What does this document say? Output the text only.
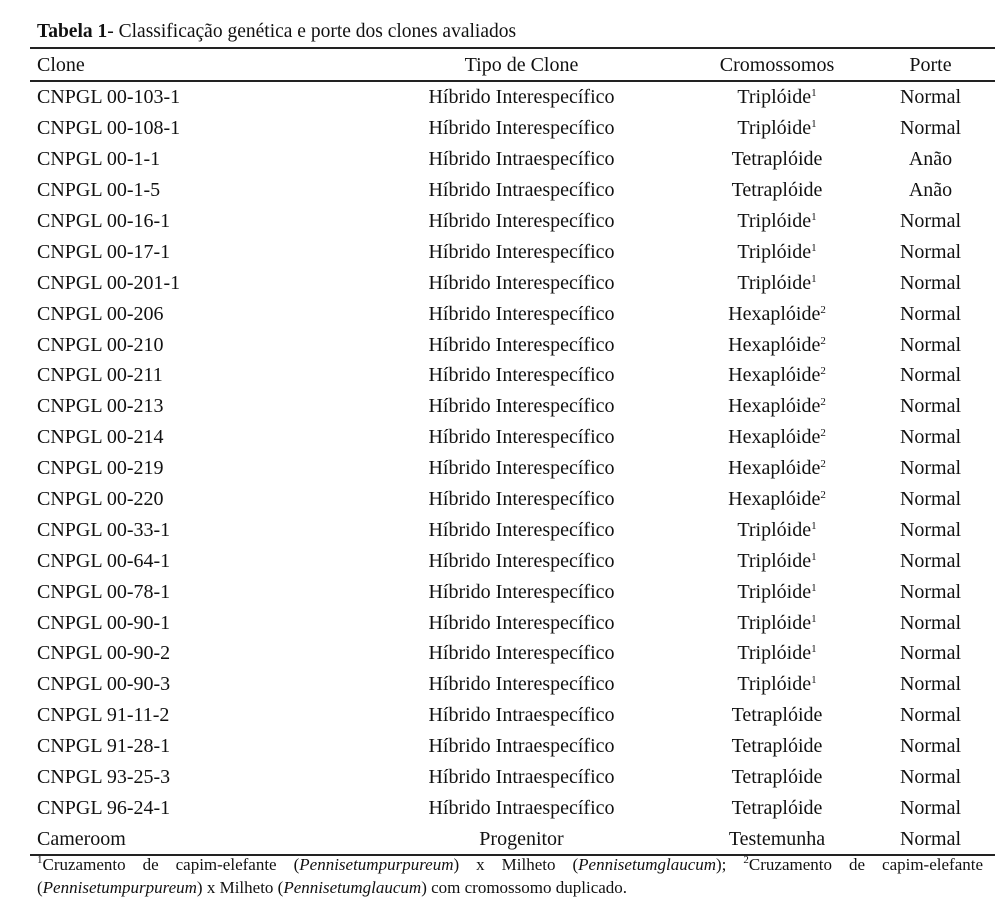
Tabela 1- Classificação genética e porte dos clones avaliados
Clone	Tipo de Clone	Cromossomos	Porte
CNPGL 00-103-1	Híbrido Interespecífico	Triplóide$^1$	Normal
CNPGL 00-108-1	Híbrido Interespecífico	Triplóide$^1$	Normal
CNPGL 00-1-1	Híbrido Intraespecífico	Tetraplóide	Anão
CNPGL 00-1-5	Híbrido Intraespecífico	Tetraplóide	Anão
CNPGL 00-16-1	Híbrido Interespecífico	Triplóide$^1$	Normal
CNPGL 00-17-1	Híbrido Interespecífico	Triplóide$^1$	Normal
CNPGL 00-201-1	Híbrido Interespecífico	Triplóide$^1$	Normal
CNPGL 00-206	Híbrido Interespecífico	Hexaplóide$^2$	Normal
CNPGL 00-210	Híbrido Interespecífico	Hexaplóide$^2$	Normal
CNPGL 00-211	Híbrido Interespecífico	Hexaplóide$^2$	Normal
CNPGL 00-213	Híbrido Interespecífico	Hexaplóide$^2$	Normal
CNPGL 00-214	Híbrido Interespecífico	Hexaplóide$^2$	Normal
CNPGL 00-219	Híbrido Interespecífico	Hexaplóide$^2$	Normal
CNPGL 00-220	Híbrido Interespecífico	Hexaplóide$^2$	Normal
CNPGL 00-33-1	Híbrido Interespecífico	Triplóide$^1$	Normal
CNPGL 00-64-1	Híbrido Interespecífico	Triplóide$^1$	Normal
CNPGL 00-78-1	Híbrido Interespecífico	Triplóide$^1$	Normal
CNPGL 00-90-1	Híbrido Interespecífico	Triplóide$^1$	Normal
CNPGL 00-90-2	Híbrido Interespecífico	Triplóide$^1$	Normal
CNPGL 00-90-3	Híbrido Interespecífico	Triplóide$^1$	Normal
CNPGL 91-11-2	Híbrido Intraespecífico	Tetraplóide	Normal
CNPGL 91-28-1	Híbrido Intraespecífico	Tetraplóide	Normal
CNPGL 93-25-3	Híbrido Intraespecífico	Tetraplóide	Normal
CNPGL 96-24-1	Híbrido Intraespecífico	Tetraplóide	Normal
Cameroom	Progenitor	Testemunha	Normal
$^1$Cruzamento de capim-elefante (Pennisetumpurpureum) x Milheto (Pennisetumglaucum); $^2$Cruzamento de capim-elefante (Pennisetumpurpureum) x Milheto (Pennisetumglaucum) com cromossomo duplicado.
